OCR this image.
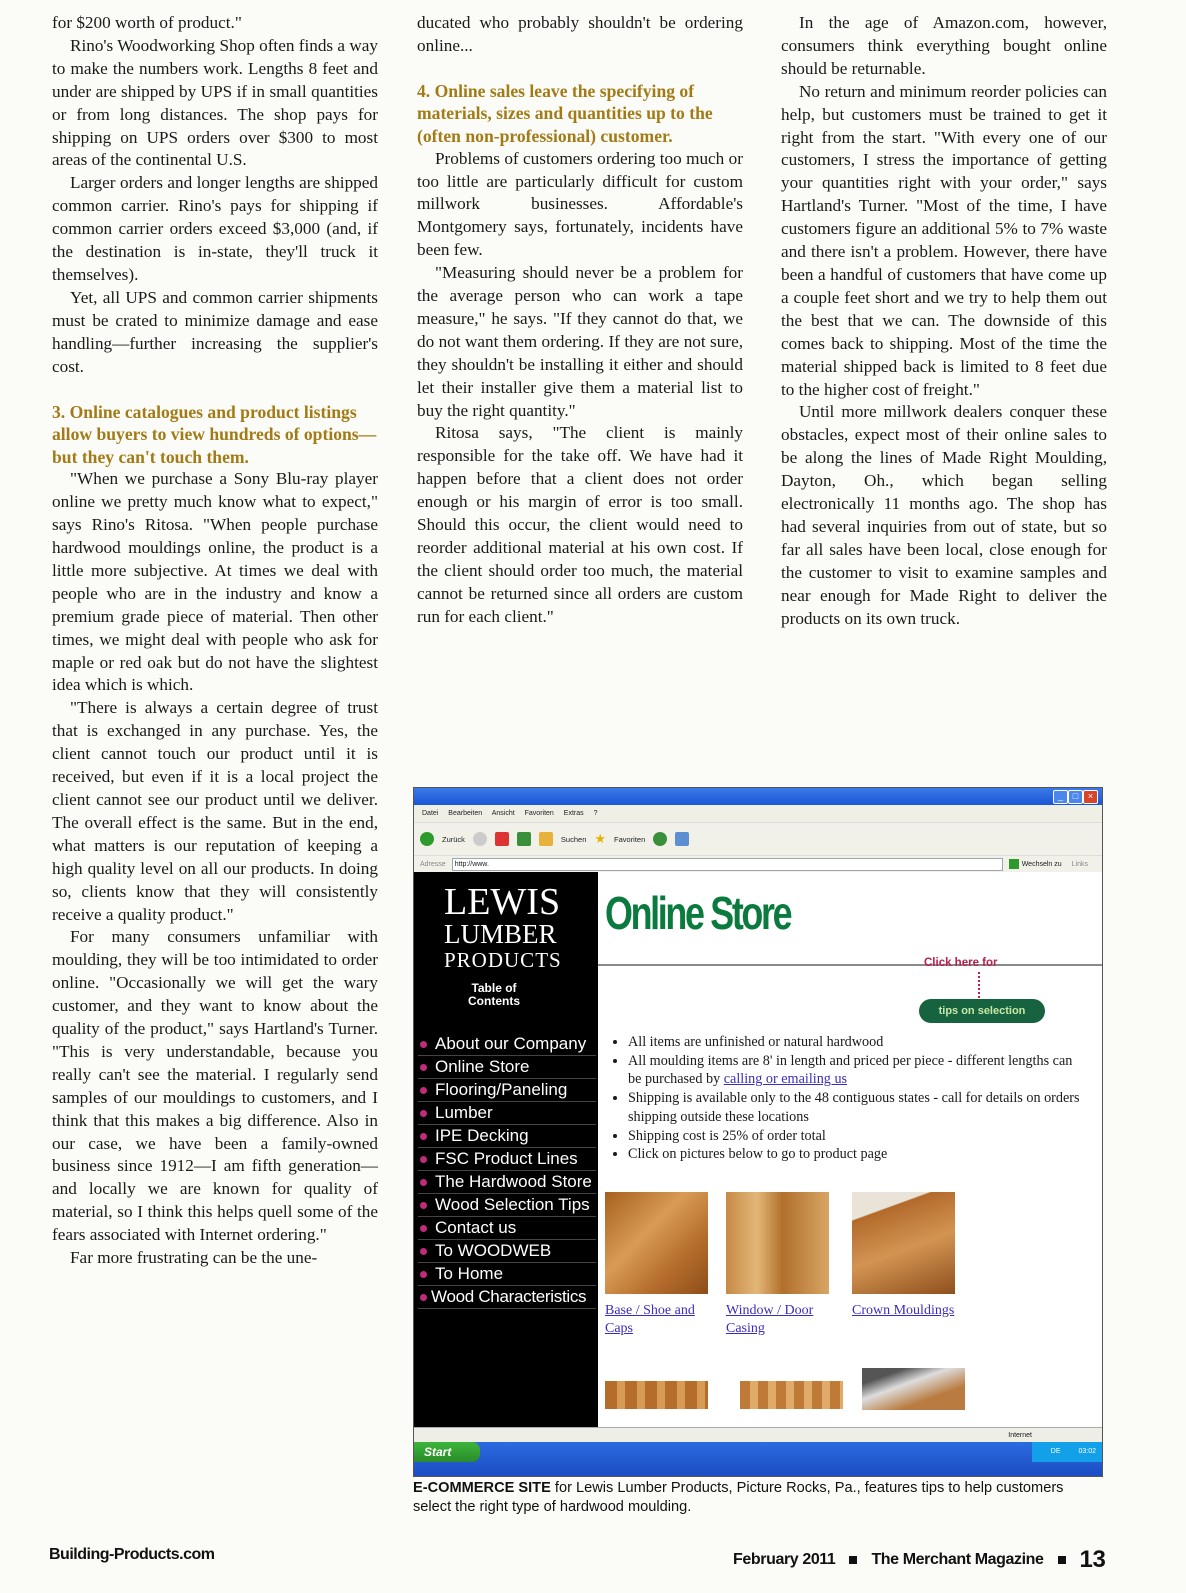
for $200 worth of product."

Rino's Woodworking Shop often finds a way to make the numbers work. Lengths 8 feet and under are shipped by UPS if in small quantities or from long distances. The shop pays for shipping on UPS orders over $300 to most areas of the continental U.S.

Larger orders and longer lengths are shipped common carrier. Rino's pays for shipping if common carrier orders exceed $3,000 (and, if the destination is in-state, they'll truck it themselves).

Yet, all UPS and common carrier shipments must be crated to minimize damage and ease handling—further increasing the supplier's cost.

3. Online catalogues and product listings allow buyers to view hundreds of options—but they can't touch them.

"When we purchase a Sony Blu-ray player online we pretty much know what to expect," says Rino's Ritosa. "When people purchase hardwood mouldings online, the product is a little more subjective. At times we deal with people who are in the industry and know a premium grade piece of material. Then other times, we might deal with people who ask for maple or red oak but do not have the slightest idea which is which.

"There is always a certain degree of trust that is exchanged in any purchase. Yes, the client cannot touch our product until it is received, but even if it is a local project the client cannot see our product until we deliver. The overall effect is the same. But in the end, what matters is our reputation of keeping a high quality level on all our products. In doing so, clients know that they will consistently receive a quality product."

For many consumers unfamiliar with moulding, they will be too intimidated to order online. "Occasionally we will get the wary customer, and they want to know about the quality of the product," says Hartland's Turner. "This is very understandable, because you really can't see the material. I regularly send samples of our mouldings to customers, and I think that this makes a big difference. Also in our case, we have been a family-owned business since 1912—I am fifth generation—and locally we are known for quality of material, so I think this helps quell some of the fears associated with Internet ordering."

Far more frustrating can be the une-

ducated who probably shouldn't be ordering online...

4. Online sales leave the specifying of materials, sizes and quantities up to the (often non-professional) customer.

Problems of customers ordering too much or too little are particularly difficult for custom millwork businesses. Affordable's Montgomery says, fortunately, incidents have been few.

"Measuring should never be a problem for the average person who can work a tape measure," he says. "If they cannot do that, we do not want them ordering. If they are not sure, they shouldn't be installing it either and should let their installer give them a material list to buy the right quantity."

Ritosa says, "The client is mainly responsible for the take off. We have had it happen before that a client does not order enough or his margin of error is too small. Should this occur, the client would need to reorder additional material at his own cost. If the client should order too much, the material cannot be returned since all orders are custom run for each client."

In the age of Amazon.com, however, consumers think everything bought online should be returnable.

No return and minimum reorder policies can help, but customers must be trained to get it right from the start. "With every one of our customers, I stress the importance of getting your quantities right with your order," says Hartland's Turner. "Most of the time, I have customers figure an additional 5% to 7% waste and there isn't a problem. However, there have been a handful of customers that have come up a couple feet short and we try to help them out the best that we can. The downside of this comes back to shipping. Most of the time the material shipped back is limited to 8 feet due to the higher cost of freight."

Until more millwork dealers conquer these obstacles, expect most of their online sales to be along the lines of Made Right Moulding, Dayton, Oh., which began selling electronically 11 months ago. The shop has had several inquiries from out of state, but so far all sales have been local, close enough for the customer to visit to examine samples and near enough for Made Right to deliver the products on its own truck.

_	□	×
Datei Bearbeiten Ansicht Favoriten Extras ?
Zurück	Suchen ★ Favoriten
Adresse	http://www.	Wechseln zu Links
LEWIS
LUMBER
PRODUCTS
Table of
Contents
About our Company
Online Store
Flooring/Paneling
Lumber
IPE Decking
FSC Product Lines
The Hardwood Store
Wood Selection Tips
Contact us
To WOODWEB
To Home
Wood Characteristics
Online Store
Click here for
tips on selection
• All items are unfinished or natural hardwood
• All moulding items are 8' in length and priced per piece - different lengths can be purchased by calling or emailing us
• Shipping is available only to the 48 contiguous states - call for details on orders shipping outside these locations
• Shipping cost is 25% of order total
• Click on pictures below to go to product page
Base / Shoe and Caps
Window / Door Casing
Crown Mouldings
Internet
Start	DE	03:02
E-COMMERCE SITE for Lewis Lumber Products, Picture Rocks, Pa., features tips to help customers select the right type of hardwood moulding.
Building-Products.com	February 2011 The Merchant Magazine 13
